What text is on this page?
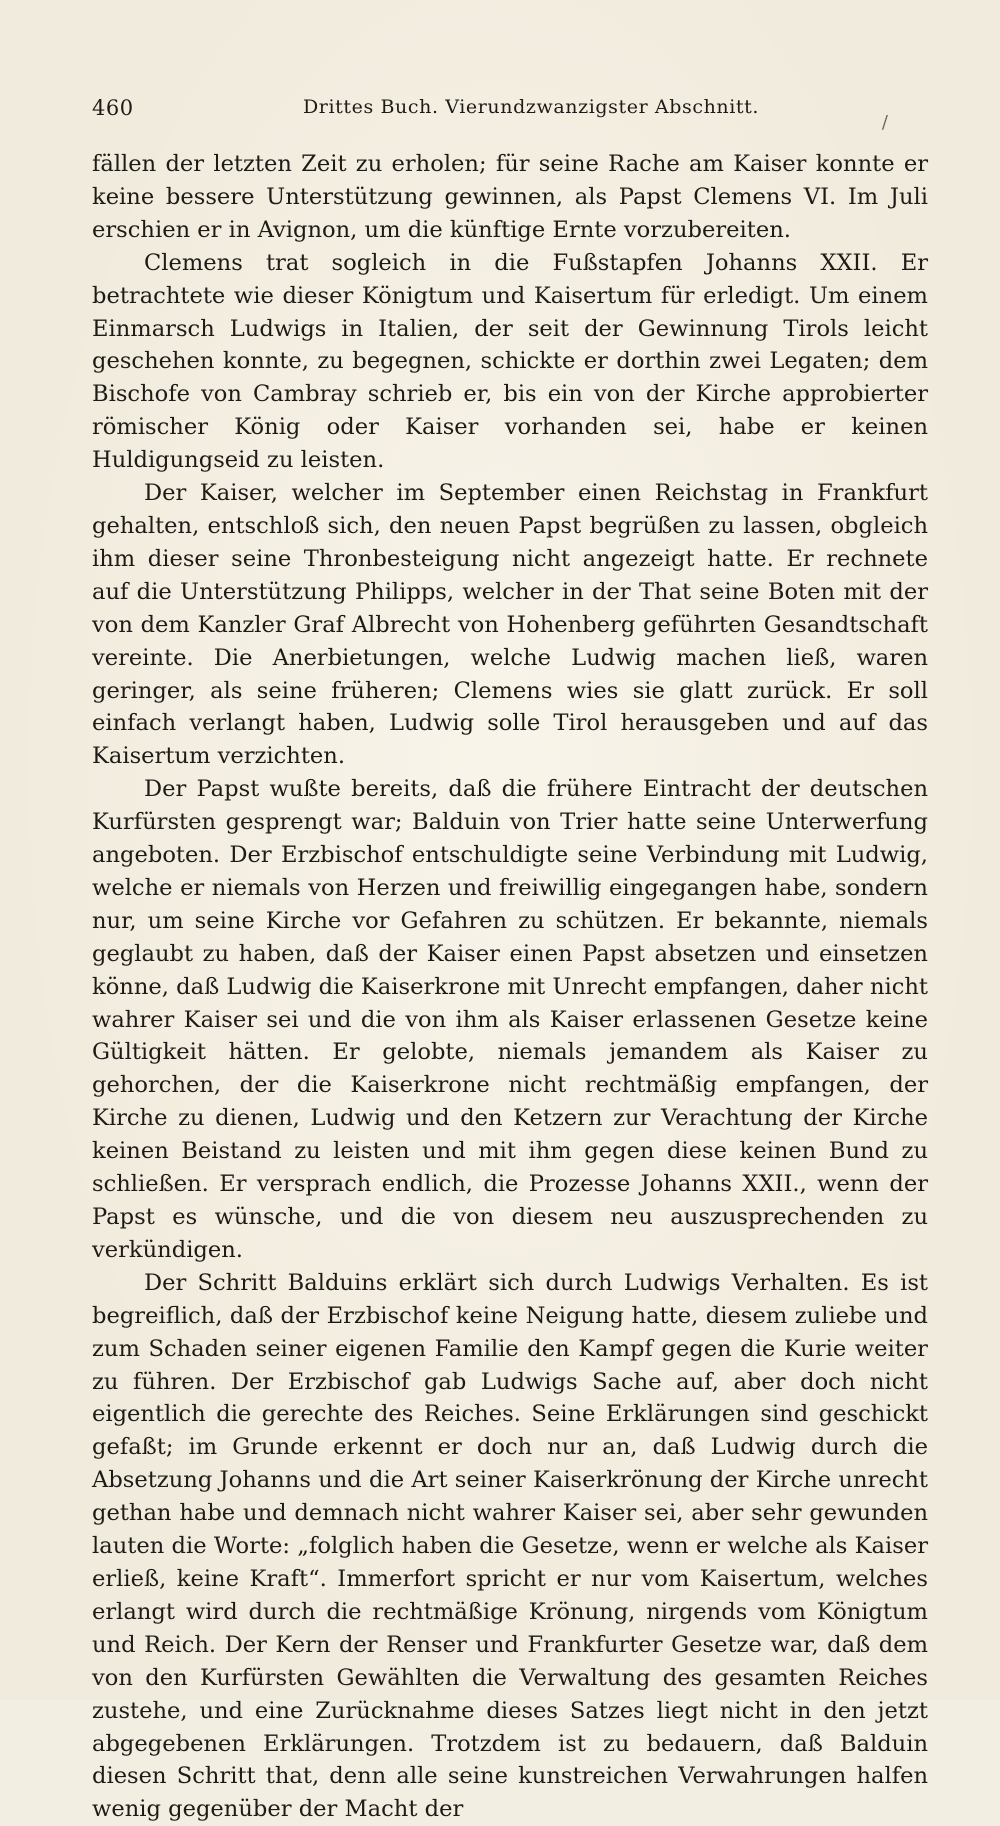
460	Drittes Buch. Vierundzwanzigster Abschnitt.
/

fällen der letzten Zeit zu erholen; für seine Rache am Kaiser konnte er keine bessere Unterstützung gewinnen, als Papst Clemens VI. Im Juli erschien er in Avignon, um die künftige Ernte vorzubereiten.

Clemens trat sogleich in die Fußstapfen Johanns XXII. Er betrachtete wie dieser Königtum und Kaisertum für erledigt. Um einem Einmarsch Ludwigs in Italien, der seit der Gewinnung Tirols leicht geschehen konnte, zu begegnen, schickte er dorthin zwei Legaten; dem Bischofe von Cambray schrieb er, bis ein von der Kirche approbierter römischer König oder Kaiser vorhanden sei, habe er keinen Huldigungseid zu leisten.

Der Kaiser, welcher im September einen Reichstag in Frankfurt gehalten, entschloß sich, den neuen Papst begrüßen zu lassen, obgleich ihm dieser seine Thronbesteigung nicht angezeigt hatte. Er rechnete auf die Unterstützung Philipps, welcher in der That seine Boten mit der von dem Kanzler Graf Albrecht von Hohenberg geführten Gesandtschaft vereinte. Die Anerbietungen, welche Ludwig machen ließ, waren geringer, als seine früheren; Clemens wies sie glatt zurück. Er soll einfach verlangt haben, Ludwig solle Tirol herausgeben und auf das Kaisertum verzichten.

Der Papst wußte bereits, daß die frühere Eintracht der deutschen Kurfürsten gesprengt war; Balduin von Trier hatte seine Unterwerfung angeboten. Der Erzbischof entschuldigte seine Verbindung mit Ludwig, welche er niemals von Herzen und freiwillig eingegangen habe, sondern nur, um seine Kirche vor Gefahren zu schützen. Er bekannte, niemals geglaubt zu haben, daß der Kaiser einen Papst absetzen und einsetzen könne, daß Ludwig die Kaiserkrone mit Unrecht empfangen, daher nicht wahrer Kaiser sei und die von ihm als Kaiser erlassenen Gesetze keine Gültigkeit hätten. Er gelobte, niemals jemandem als Kaiser zu gehorchen, der die Kaiserkrone nicht rechtmäßig empfangen, der Kirche zu dienen, Ludwig und den Ketzern zur Verachtung der Kirche keinen Beistand zu leisten und mit ihm gegen diese keinen Bund zu schließen. Er versprach endlich, die Prozesse Johanns XXII., wenn der Papst es wünsche, und die von diesem neu auszusprechenden zu verkündigen.

Der Schritt Balduins erklärt sich durch Ludwigs Verhalten. Es ist begreiflich, daß der Erzbischof keine Neigung hatte, diesem zuliebe und zum Schaden seiner eigenen Familie den Kampf gegen die Kurie weiter zu führen. Der Erzbischof gab Ludwigs Sache auf, aber doch nicht eigentlich die gerechte des Reiches. Seine Erklärungen sind geschickt gefaßt; im Grunde erkennt er doch nur an, daß Ludwig durch die Absetzung Johanns und die Art seiner Kaiserkrönung der Kirche unrecht gethan habe und demnach nicht wahrer Kaiser sei, aber sehr gewunden lauten die Worte: „folglich haben die Gesetze, wenn er welche als Kaiser erließ, keine Kraft“. Immerfort spricht er nur vom Kaisertum, welches erlangt wird durch die rechtmäßige Krönung, nirgends vom Königtum und Reich. Der Kern der Renser und Frankfurter Gesetze war, daß dem von den Kurfürsten Gewählten die Verwaltung des gesamten Reiches zustehe, und eine Zurücknahme dieses Satzes liegt nicht in den jetzt abgegebenen Erklärungen. Trotzdem ist zu bedauern, daß Balduin diesen Schritt that, denn alle seine kunstreichen Verwahrungen halfen wenig gegenüber der Macht der
